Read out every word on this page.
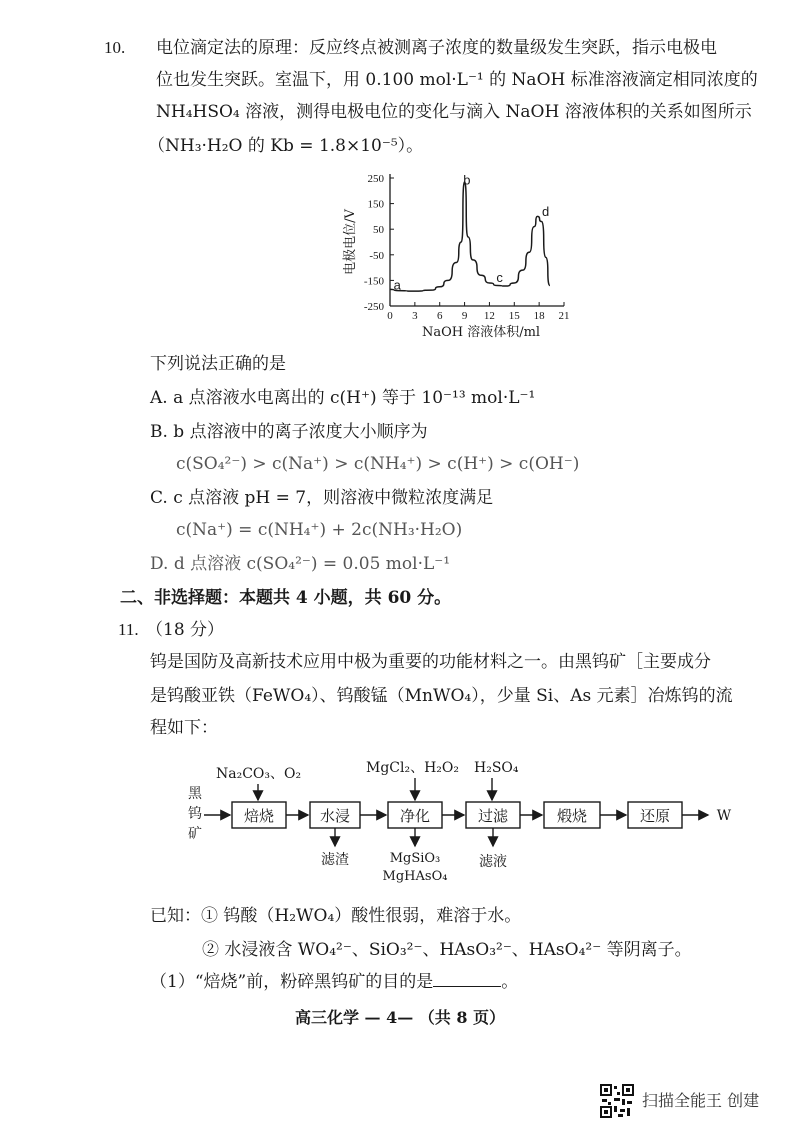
10. 电位滴定法的原理：反应终点被测离子浓度的数量级发生突跃，指示电极电
位也发生突跃。室温下，用 0.100 mol·L⁻¹ 的 NaOH 标准溶液滴定相同浓度的
NH₄HSO₄ 溶液，测得电极电位的变化与滴入 NaOH 溶液体积的关系如图所示
（NH₃·H₂O 的 Kb = 1.8×10⁻⁵）。
250
150
50
-50
-150
-250
0 3 6 9 12 15 18 21
NaOH 溶液体积/ml
电极电位/V
a
b
c
d
下列说法正确的是
A. a 点溶液水电离出的 c(H⁺) 等于 10⁻¹³ mol·L⁻¹
B. b 点溶液中的离子浓度大小顺序为
c(SO₄²⁻) > c(Na⁺) > c(NH₄⁺) > c(H⁺) > c(OH⁻)
C. c 点溶液 pH = 7，则溶液中微粒浓度满足
c(Na⁺) = c(NH₄⁺) + 2c(NH₃·H₂O)
D. d 点溶液 c(SO₄²⁻) = 0.05 mol·L⁻¹
二、非选择题：本题共 4 小题，共 60 分。
11. （18 分）
钨是国防及高新技术应用中极为重要的功能材料之一。由黑钨矿［主要成分
是钨酸亚铁（FeWO₄）、钨酸锰（MnWO₄），少量 Si、As 元素］冶炼钨的流
程如下：
黑 钨 矿
Na₂CO₃、O₂	MgCl₂、H₂O₂ H₂SO₄
焙烧	水浸	净化	过滤	煅烧	还原	W
滤渣	MgSiO₃
MgHAsO₄
滤液
已知：① 钨酸（H₂WO₄）酸性很弱，难溶于水。
② 水浸液含 WO₄²⁻、SiO₃²⁻、HAsO₃²⁻、HAsO₄²⁻ 等阴离子。
（1）“焙烧”前，粉碎黑钨矿的目的是	。
高三化学 — 4— （共 8 页）
扫描全能王 创建
